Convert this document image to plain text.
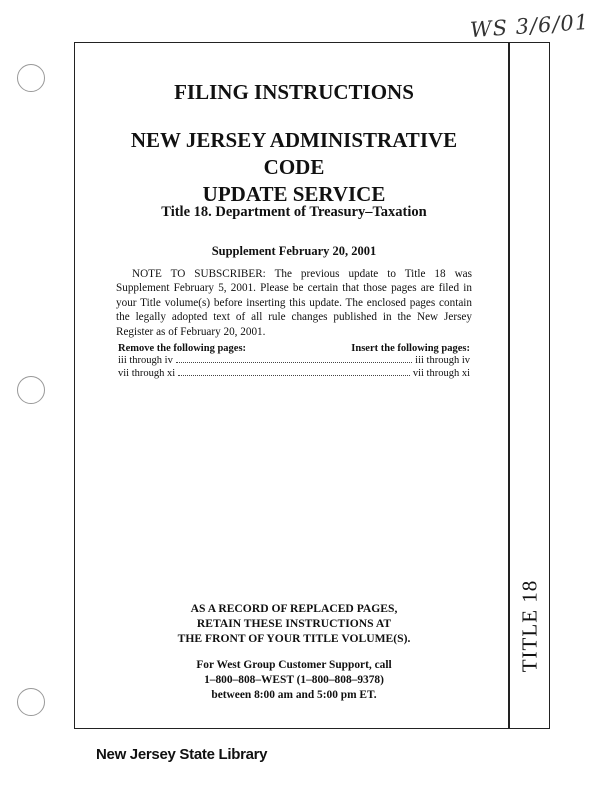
WS 3/6/01
TITLE 18

FILING INSTRUCTIONS

NEW JERSEY ADMINISTRATIVE CODE

UPDATE SERVICE

Title 18. Department of Treasury–Taxation

Supplement February 20, 2001

NOTE TO SUBSCRIBER: The previous update to Title 18 was Supplement February 5, 2001. Please be certain that those pages are filed in your Title volume(s) before inserting this update. The enclosed pages contain the legally adopted text of all rule changes published in the New Jersey Register as of February 20, 2001.

Remove the following pages:	Insert the following pages:
iii through iv	iii through iv
vii through xi	vii through xi

AS A RECORD OF REPLACED PAGES,

RETAIN THESE INSTRUCTIONS AT

THE FRONT OF YOUR TITLE VOLUME(S).

For West Group Customer Support, call

1–800–808–WEST (1–800–808–9378)

between 8:00 am and 5:00 pm ET.

New Jersey State Library
